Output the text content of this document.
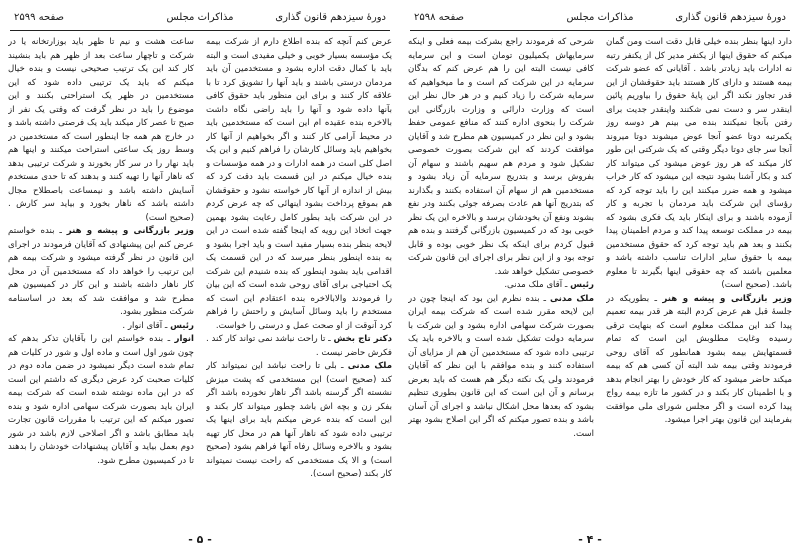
دورهٔ سیزدهم قانون گذاری
مذاکرات مجلس
صفحه ۲۵۹۸

دارد اینها بنظر بنده خیلی قابل دقت است ومن گمان میکنم که حقوق اینها از یکنفر مدیر کل از یکنفر رتبه نه ادارات باید زیادتر باشد . آقایانی که عضو شرکت بیمه هستند و دارای کار هستند باید حقوقشان از این قدر تجاوز نکند اگر این پایهٔ حقوق را بیاوریم پائین اینقدر سر و دست نمی شکنند واینقدر جدیت برای رفتن بآنجا نمیکنند بنده می بینم هر دوسه روز یکمرتبه دوتا عضو آنجا عوض میشوند دوتا میروند آنجا سر جای دوتا دیگر وقتی که یک شرکتی این طور کار میکند که هر روز عوض میشود کی میتواند کار کند و بکار آشنا بشود نتیجه این میشود که کار خراب میشود و همه ضرر میکنند این را باید توجه کرد که رؤسای این شرکت باید مردمان با تجربه و کار آزموده باشند و برای اینکار باید یک فکری بشود که بیمه در مملکت توسعه پیدا کند و مردم اطمینان پیدا بکنند و بعد هم باید توجه کرد که حقوق مستخدمین بیمه با حقوق سایر ادارات تناسب داشته باشد و معلمین باشند که چه حقوقی اینها بگیرند تا معلوم باشد. (صحیح است)

وزیر بازرگانی و پیشه و هنر ـ بطوریکه در جلسهٔ قبل هم عرض کردم البته هر قدر بیمه تعمیم پیدا کند این مملکت معلوم است که بنهایت ترقی رسیده وغایت مطلوبش این است که تمام قسمتهایش بیمه بشود همانطور که آقای روحی فرمودند وقتی بیمه شد البته آن کسی هم که بیمه میکند حاضر میشود که کار خودش را بهتر انجام بدهد و با اطمینان کار بکند و در کشور ما تازه بیمه رواج پیدا کرده است و اگر مجلس شورای ملی موافقت بفرمایند این قانون بهتر اجرا میشود.

شرحی که فرمودند راجع بشرکت بیمه فعلی و اینکه سرمایهاش یکمیلیون تومان است و این سرمایه کافی نیست البته این را هم عرض کنم که بدگان سرمایه در این شرکت کم است و ما میخواهیم که سرمایه شرکت را زیاد کنیم و در هر حال نظر این است که وزارت دارائی و وزارت بازرگانی این شرکت را بنحوی اداره کنند که منافع عمومی حفظ بشود و این نظر در کمیسیون هم مطرح شد و آقایان موافقت کردند که این شرکت بصورت خصوصی تشکیل شود و مردم هم سهیم باشند و سهام آن بفروش برسد و بتدریج سرمایه آن زیاد بشود و مستخدمین هم از سهام آن استفاده بکنند و بگذارند که بتدریج آنها هم عادت بصرفه جوئی بکنند ودر نفع بشوند ونفع آن بخودشان برسد و بالاخره این یک نظر خوبی بود که در کمیسیون بازرگانی گرفتند و بنده هم قبول کردم برای اینکه یک نظر خوبی بوده و قابل توجه بود و از این نظر برای اجرای این قانون شرکت خصوصی تشکیل خواهد شد.

رئیس ـ آقای ملک مدنی.

ملک مدنی ـ بنده نظرم این بود که اینجا چون در این لایحه مقرر شده است که شرکت بیمه ایران بصورت شرکت سهامی اداره بشود و این شرکت با سرمایه دولت تشکیل شده است و بالاخره باید یک ترتیبی داده شود که مستخدمین آن هم از مزایای آن استفاده کنند و بنده موافقم با این نظر که آقایان فرمودند ولی یک نکته دیگر هم هست که باید بعرض برسانم و آن این است که این قانون بطوری تنظیم بشود که بعدها محل اشکال نباشد و اجرای آن آسان باشد و بنده تصور میکنم که اگر این اصلاح بشود بهتر است.

- ۴ -
دورهٔ سیزدهم قانون گذاری
مذاکرات مجلس
صفحه ۲۵۹۹

عرض کنم آنچه که بنده اطلاع دارم از شرکت بیمه یک مؤسسه بسیار خوبی و خیلی مفیدی است و البته باید با کمال دقت اداره بشود و مستخدمین آن باید مردمان درستی باشند و باید آنها را تشویق کرد تا با علاقه کار کنند و برای این منظور باید حقوق کافی بآنها داده شود و آنها را باید راضی نگاه داشت بالاخره بنده عقیده ام این است که مستخدمین باید در محیط آرامی کار کنند و اگر بخواهیم از آنها کار بخواهیم باید وسائل کارشان را فراهم کنیم و این یک اصل کلی است در همه ادارات و در همه مؤسسات و بنده خیال میکنم در این قسمت باید دقت کرد که بیش از اندازه از آنها کار خواسته نشود و حقوقشان هم بموقع پرداخت بشود اینهائی که چه عرض کردم در این شرکت باید بطور کامل رعایت بشود بهمین جهت اتخاذ این رویه که اینجا گفته شده است در این لایحه بنظر بنده بسیار مفید است و باید اجرا بشود و به بنده اینطور بنظر میرسد که در این قسمت یک اقدامی باید بشود اینطور که بنده شنیدم این شرکت یک احتیاجی برای آقای روحی شده است که این بیان را فرمودند والابالاخره بنده اعتقادم این است که مستخدم را باید وسائل آسایش و راحتش را فراهم کرد آنوقت از او صحت عمل و درستی را خواست.

دکتر تاج بخش ـ تا راحت نباشد نمی تواند کار کند . فکرش حاضر نیست .

ملک مدنی ـ بلی تا راحت نباشد این نمیتواند کار کند (صحیح است) این مستخدمی که پشت میزش نشسته اگر گرسنه باشد اگر ناهار نخورده باشد اگر بفکر زن و بچه اش باشد چطور میتواند کار بکند و این است که بنده عرض میکنم باید برای اینها یک ترتیبی داده شود که ناهار آنها هم در محل کار تهیه بشود و بالاخره وسائل رفاه آنها فراهم بشود (صحیح است) و الا یک مستخدمی که راحت نیست نمیتواند کار بکند (صحیح است).

ساعت هشت و نیم تا ظهر باید بوزارتخانه یا در شرکت و تاچهار ساعت بعد از ظهر هم باید بنشیند کار کند این یک ترتیب صحیحی نیست و بنده خیال میکنم که باید یک ترتیبی داده شود که این مستخدمین در ظهر یک استراحتی بکنند و این موضوع را باید در نظر گرفت که وقتی یک نفر از صبح تا عصر کار میکند باید یک فرصتی داشته باشد و در خارج هم همه جا اینطور است که مستخدمین در وسط روز یک ساعتی استراحت میکنند و اینها هم باید نهار را در سر کار بخورند و شرکت ترتیبی بدهد که ناهار آنها را تهیه کنند و بدهند که تا حدی مستخدم آسایش داشته باشد و نیمساعت باصطلاح مجال داشته باشد که ناهار بخورد و بیاید سر کارش . (صحیح است)

وزیر بازرگانی و پیشه و هنر ـ بنده خواستم عرض کنم این پیشنهادی که آقایان فرمودند در اجرای این قانون در نظر گرفته میشود و شرکت بیمه هم این ترتیب را خواهد داد که مستخدمین آن در محل کار ناهار داشته باشند و این کار در کمیسیون هم مطرح شد و موافقت شد که بعد در اساسنامه شرکت منظور بشود.

رئیس ـ آقای انوار .

انوار ـ بنده خواستم این را بآقایان تذکر بدهم که چون شور اول است و ماده اول و شور در کلیات هم تمام شده است دیگر نمیشود در ضمن ماده دوم در کلیات صحبت کرد عرض دیگری که داشتم این است که در این ماده نوشته شده است که شرکت بیمه ایران باید بصورت شرکت سهامی اداره شود و بنده تصور میکنم که این ترتیب با مقررات قانون تجارت باید مطابق باشد و اگر اصلاحی لازم باشد در شور دوم بعمل بیاید و آقایان پیشنهادات خودشان را بدهند تا در کمیسیون مطرح شود.

- ۵ -
